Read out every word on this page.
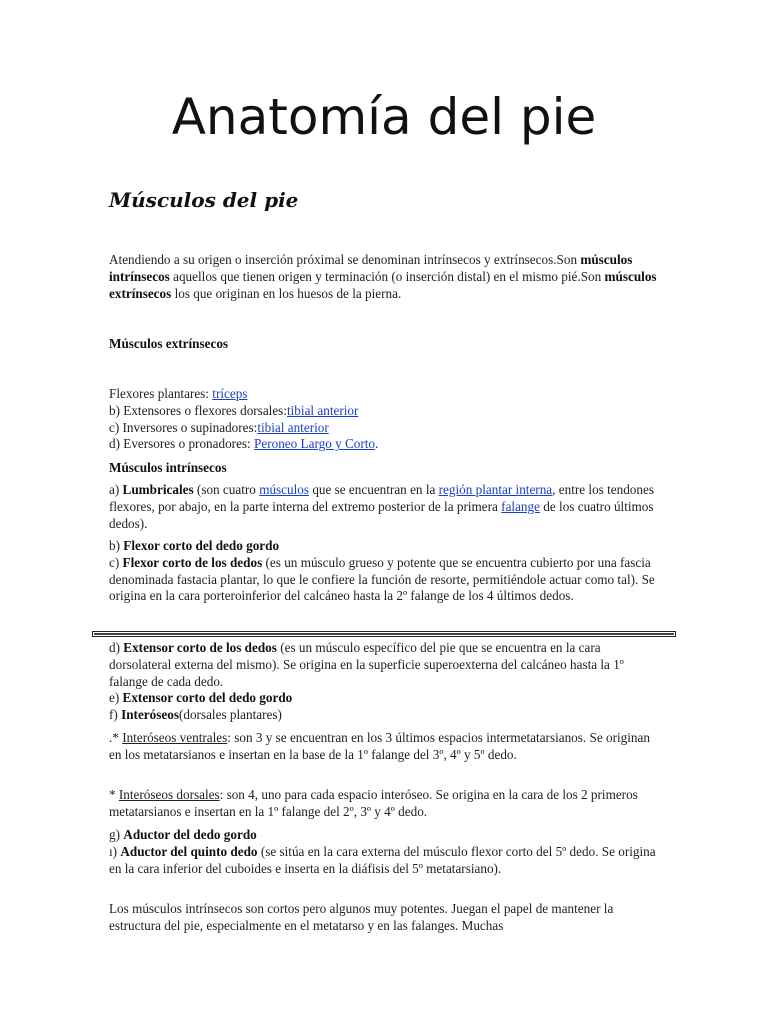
Anatomía del pie
Músculos del pie

Atendiendo a su origen o inserción próximal se denominan intrínsecos y extrínsecos.Son músculos intrínsecos aquellos que tienen origen y terminación (o inserción distal) en el mismo pié.Son músculos extrínsecos los que originan en los huesos de la pierna.

Músculos extrínsecos

Flexores plantares: tríceps
b) Extensores o flexores dorsales:tibial anterior
c) Inversores o supinadores:tibial anterior
d) Eversores o pronadores: Peroneo Largo y Corto.

Músculos intrínsecos

a) Lumbricales (son cuatro músculos que se encuentran en la región plantar interna, entre los tendones flexores, por abajo, en la parte interna del extremo posterior de la primera falange de los cuatro últimos dedos).

b) Flexor corto del dedo gordo
c) Flexor corto de los dedos (es un músculo grueso y potente que se encuentra cubierto por una fascia denominada fastacia plantar, lo que le confiere la función de resorte, permitiéndole actuar como tal). Se origina en la cara porteroinferior del calcáneo hasta la 2º falange de los 4 últimos dedos.
d) Extensor corto de los dedos (es un músculo específico del pie que se encuentra en la cara dorsolateral externa del mismo). Se origina en la superficie superoexterna del calcáneo hasta la 1º falange de cada dedo.
e) Extensor corto del dedo gordo
f) Interóseos(dorsales plantares)

.* Interóseos ventrales: son 3 y se encuentran en los 3 últimos espacios intermetatarsianos. Se originan en los metatarsianos e insertan en la base de la 1º falange del 3º, 4º y 5º dedo.

* Interóseos dorsales: son 4, uno para cada espacio interóseo. Se origina en la cara de los 2 primeros metatarsianos e insertan en la 1º falange del 2º, 3º y 4º dedo.

g) Aductor del dedo gordo
ı) Aductor del quinto dedo (se sitúa en la cara externa del músculo flexor corto del 5º dedo. Se origina en la cara inferior del cuboides e inserta en la diáfisis del 5º metatarsiano).

Los músculos intrínsecos son cortos pero algunos muy potentes. Juegan el papel de mantener la estructura del pie, especialmente en el metatarso y en las falanges. Muchas
